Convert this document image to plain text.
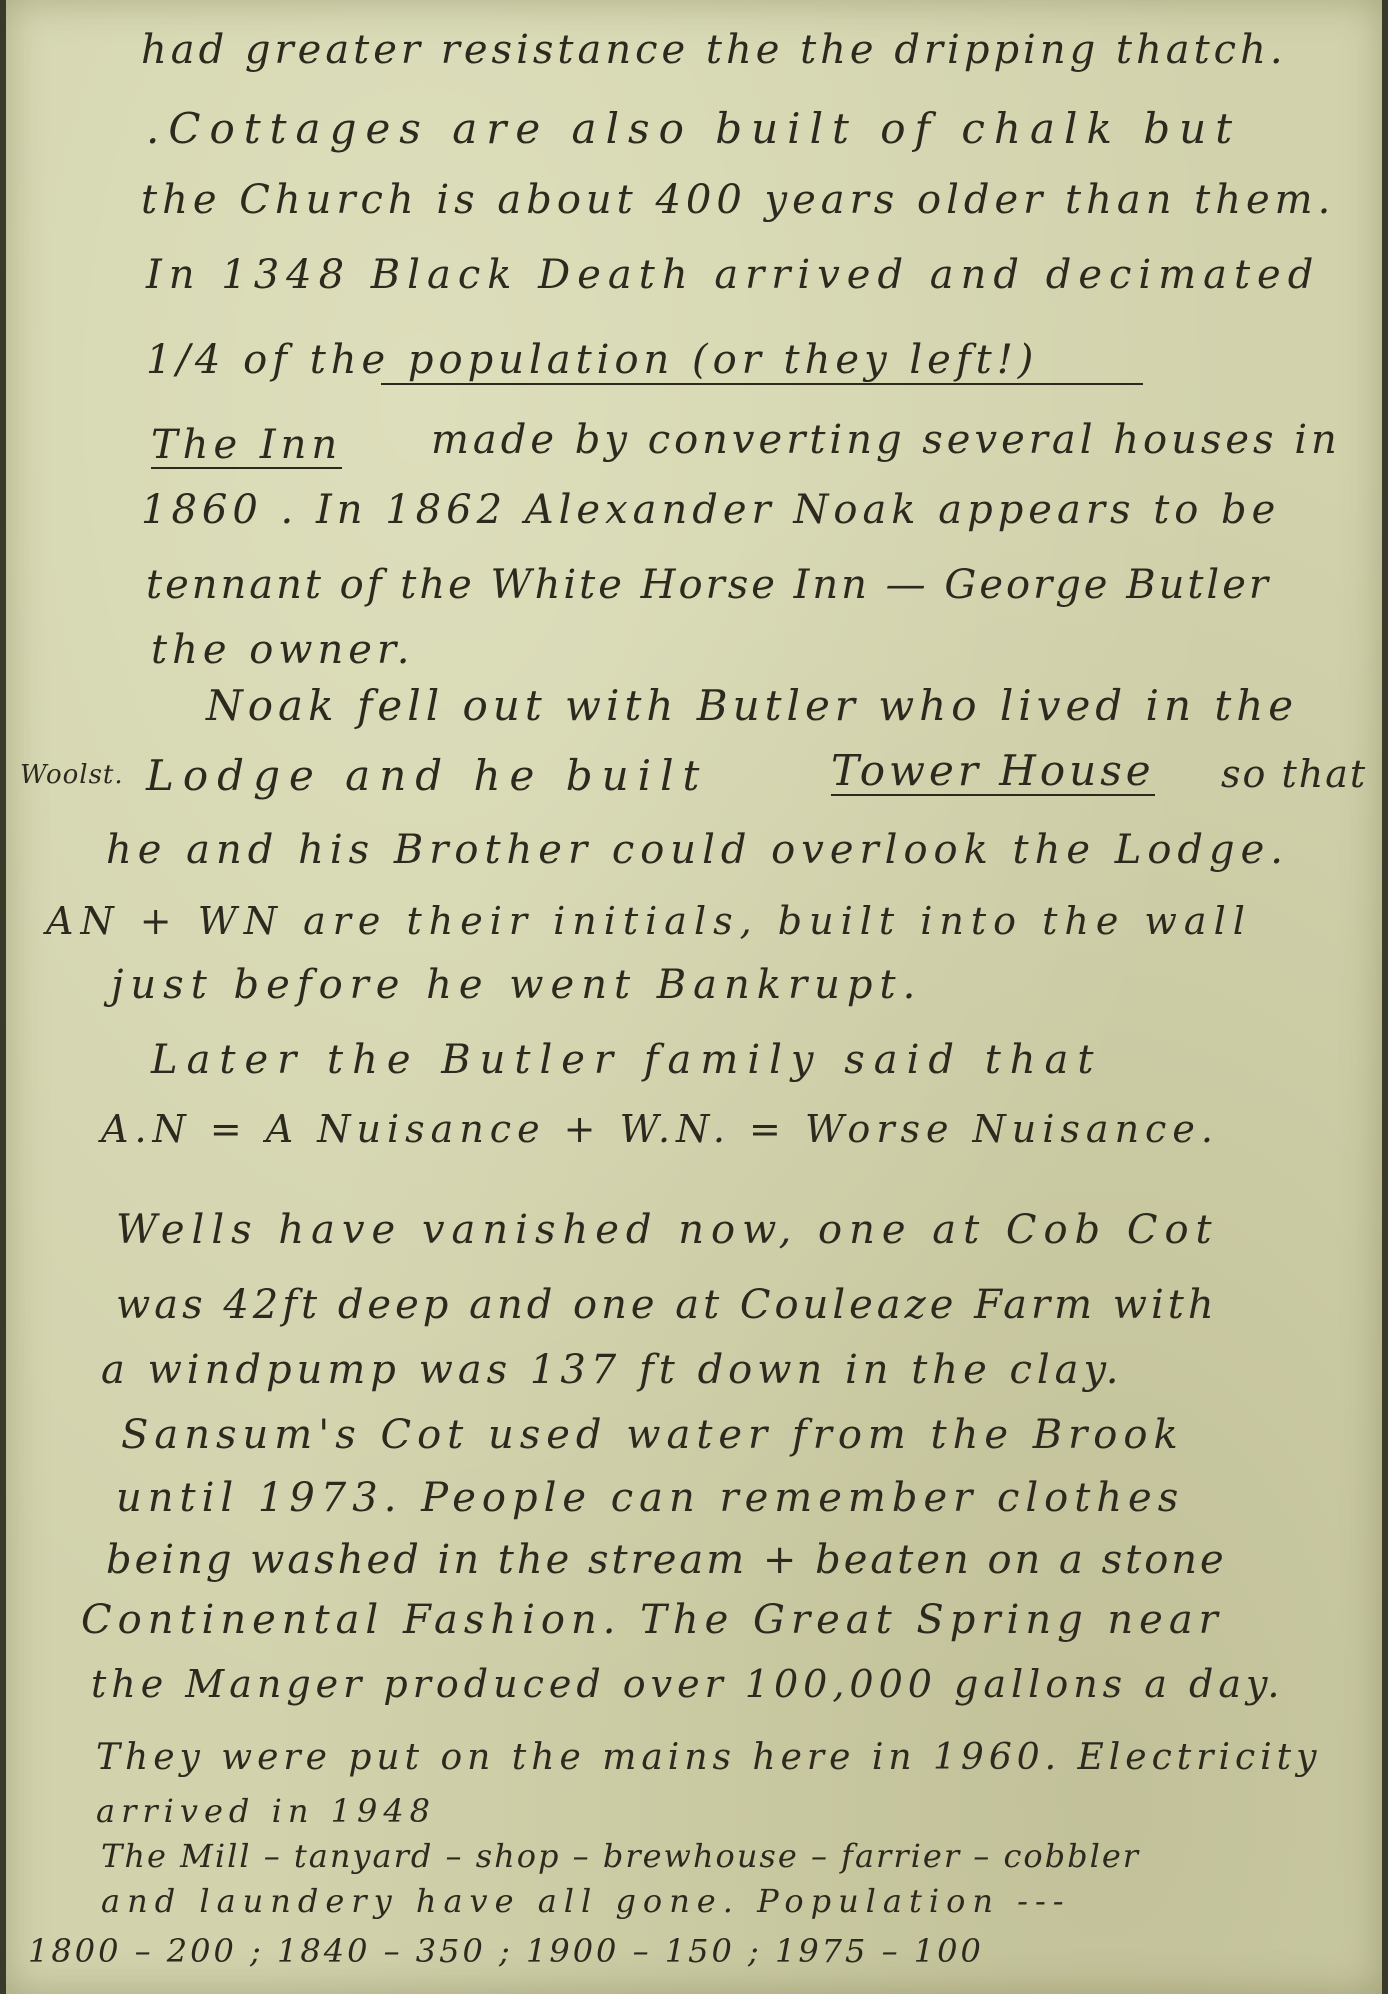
had greater resistance the the dripping thatch.
.Cottages are also built of chalk but
the Church is about 400 years older than them.
In 1348 Black Death arrived and decimated
1/4 of the population (or they left!)
The Inn made by converting several houses in
1860 . In 1862 Alexander Noak appears to be
tennant of the White Horse Inn — George Butler
the owner.
Noak fell out with Butler who lived in the
Woolst. Lodge and he built	Tower House so that
he and his Brother could overlook the Lodge.
AN + WN are their initials, built into the wall
just before he went Bankrupt.
Later the Butler family said that
A.N = A Nuisance + W.N. = Worse Nuisance.
Wells have vanished now, one at Cob Cot
was 42ft deep and one at Couleaze Farm with
a windpump was 137 ft down in the clay.
Sansum's Cot used water from the Brook
until 1973. People can remember clothes
being washed in the stream + beaten on a stone
Continental Fashion. The Great Spring near
the Manger produced over 100,000 gallons a day.
They were put on the mains here in 1960. Electricity
arrived in 1948
The Mill – tanyard – shop – brewhouse – farrier – cobbler
and laundery have all gone. Population ---
1800 – 200 ; 1840 – 350 ; 1900 – 150 ; 1975 – 100
